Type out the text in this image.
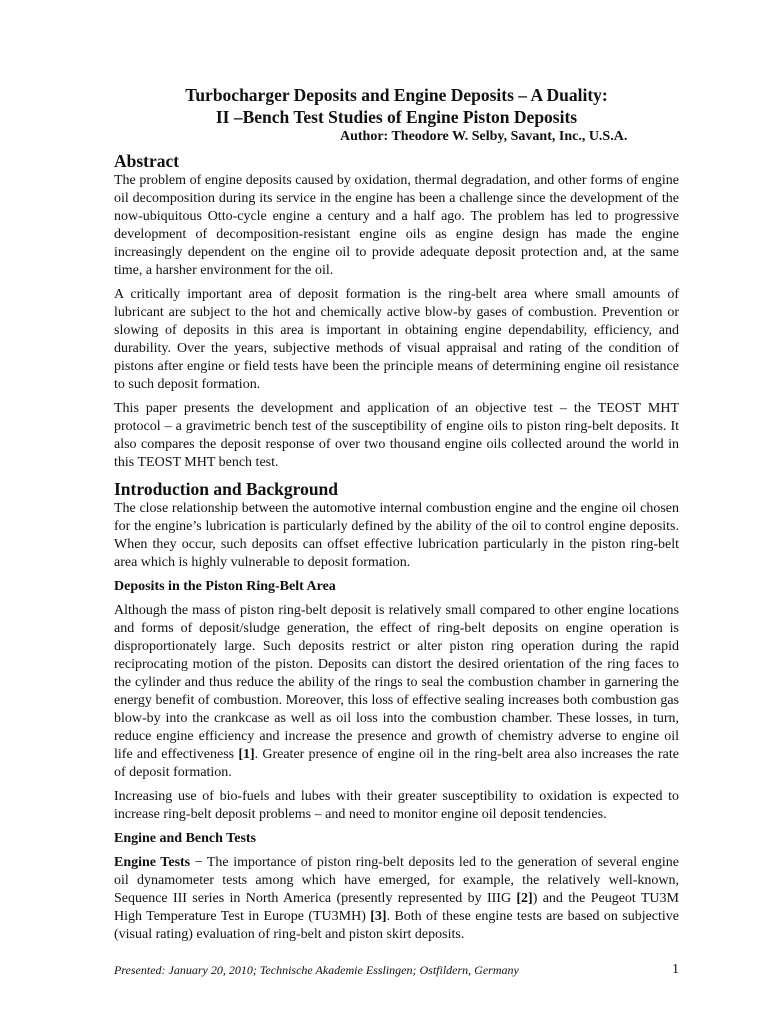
Turbocharger Deposits and Engine Deposits – A Duality:
II –Bench Test Studies of Engine Piston Deposits
Author: Theodore W. Selby, Savant, Inc., U.S.A.
Abstract

The problem of engine deposits caused by oxidation, thermal degradation, and other forms of engine oil decomposition during its service in the engine has been a challenge since the development of the now-ubiquitous Otto-cycle engine a century and a half ago. The problem has led to progressive development of decomposition-resistant engine oils as engine design has made the engine increasingly dependent on the engine oil to provide adequate deposit protection and, at the same time, a harsher environment for the oil.

A critically important area of deposit formation is the ring-belt area where small amounts of lubricant are subject to the hot and chemically active blow-by gases of combustion. Prevention or slowing of deposits in this area is important in obtaining engine dependability, efficiency, and durability. Over the years, subjective methods of visual appraisal and rating of the condition of pistons after engine or field tests have been the principle means of determining engine oil resistance to such deposit formation.

This paper presents the development and application of an objective test – the TEOST MHT protocol – a gravimetric bench test of the susceptibility of engine oils to piston ring-belt deposits. It also compares the deposit response of over two thousand engine oils collected around the world in this TEOST MHT bench test.

Introduction and Background

The close relationship between the automotive internal combustion engine and the engine oil chosen for the engine’s lubrication is particularly defined by the ability of the oil to control engine deposits. When they occur, such deposits can offset effective lubrication particularly in the piston ring-belt area which is highly vulnerable to deposit formation.

Deposits in the Piston Ring-Belt Area

Although the mass of piston ring-belt deposit is relatively small compared to other engine locations and forms of deposit/sludge generation, the effect of ring-belt deposits on engine operation is disproportionately large. Such deposits restrict or alter piston ring operation during the rapid reciprocating motion of the piston. Deposits can distort the desired orientation of the ring faces to the cylinder and thus reduce the ability of the rings to seal the combustion chamber in garnering the energy benefit of combustion. Moreover, this loss of effective sealing increases both combustion gas blow-by into the crankcase as well as oil loss into the combustion chamber. These losses, in turn, reduce engine efficiency and increase the presence and growth of chemistry adverse to engine oil life and effectiveness [1]. Greater presence of engine oil in the ring-belt area also increases the rate of deposit formation.

Increasing use of bio-fuels and lubes with their greater susceptibility to oxidation is expected to increase ring-belt deposit problems – and need to monitor engine oil deposit tendencies.

Engine and Bench Tests

Engine Tests − The importance of piston ring-belt deposits led to the generation of several engine oil dynamometer tests among which have emerged, for example, the relatively well-known, Sequence III series in North America (presently represented by IIIG [2]) and the Peugeot TU3M High Temperature Test in Europe (TU3MH) [3]. Both of these engine tests are based on subjective (visual rating) evaluation of ring-belt and piston skirt deposits.

Presented: January 20, 2010; Technische Akademie Esslingen; Ostfildern, Germany	1
